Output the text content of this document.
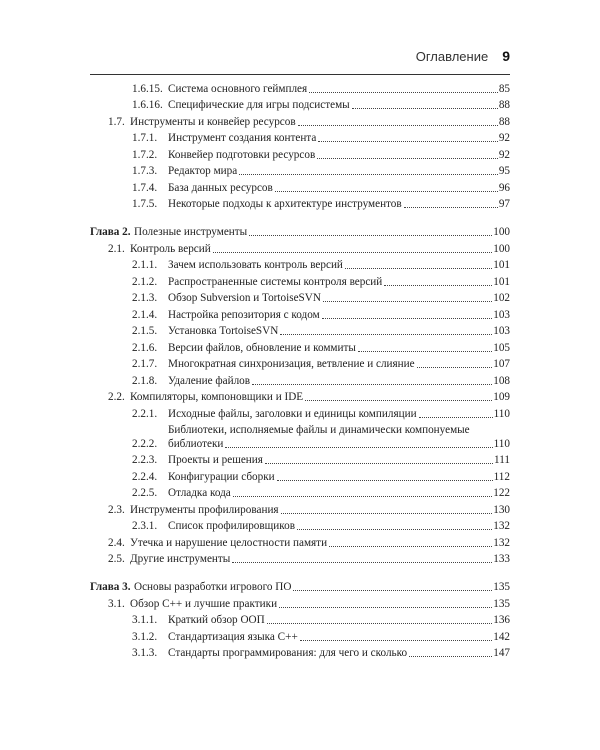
Оглавление 9
1.6.15. Система основного геймплея	85
1.6.16. Специфические для игры подсистемы	88
1.7. Инструменты и конвейер ресурсов	88
1.7.1. Инструмент создания контента	92
1.7.2. Конвейер подготовки ресурсов	92
1.7.3. Редактор мира	95
1.7.4. База данных ресурсов	96
1.7.5. Некоторые подходы к архитектуре инструментов	97
Глава 2. Полезные инструменты	100
2.1. Контроль версий	100
2.1.1. Зачем использовать контроль версий	101
2.1.2. Распространенные системы контроля версий	101
2.1.3. Обзор Subversion и TortoiseSVN	102
2.1.4. Настройка репозитория с кодом	103
2.1.5. Установка TortoiseSVN	103
2.1.6. Версии файлов, обновление и коммиты	105
2.1.7. Многократная синхронизация, ветвление и слияние	107
2.1.8. Удаление файлов	108
2.2. Компиляторы, компоновщики и IDE	109
2.2.1. Исходные файлы, заголовки и единицы компиляции	110
2.2.2.
Библиотеки, исполняемые файлы и динамически компонуемые
библиотеки	110
2.2.3. Проекты и решения	111
2.2.4. Конфигурации сборки	112
2.2.5. Отладка кода	122
2.3. Инструменты профилирования	130
2.3.1. Список профилировщиков	132
2.4. Утечка и нарушение целостности памяти	132
2.5. Другие инструменты	133
Глава 3. Основы разработки игрового ПО	135
3.1. Обзор C++ и лучшие практики	135
3.1.1. Краткий обзор ООП	136
3.1.2. Стандартизация языка C++	142
3.1.3. Стандарты программирования: для чего и сколько	147
